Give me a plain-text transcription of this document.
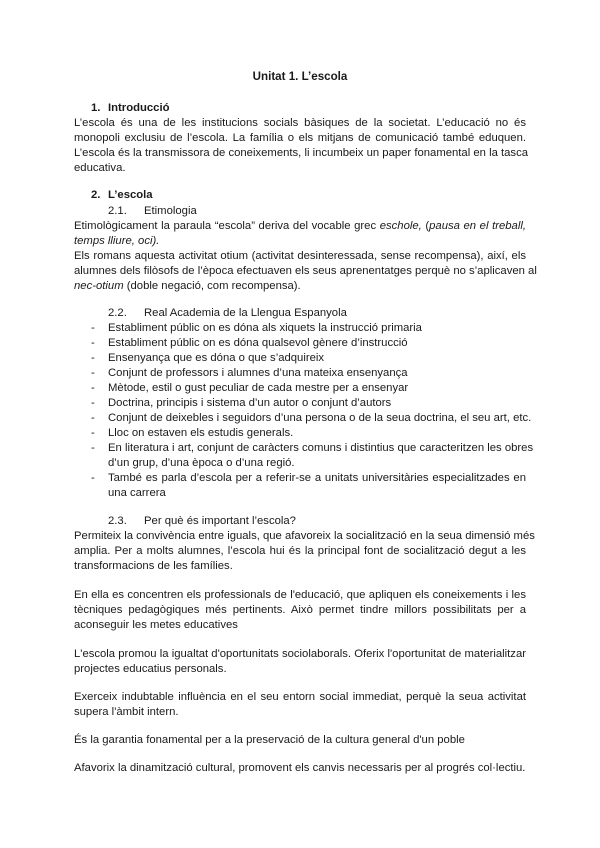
Unitat 1. L’escola
1. Introducció
L’escola és una de les institucions socials bàsiques de la societat. L’educació no és
monopoli exclusiu de l’escola. La família o els mitjans de comunicació també eduquen.
L’escola és la transmissora de coneixements, li incumbeix un paper fonamental en la tasca
educativa.
2. L’escola
2.1. Etimologia
Etimològicament la paraula “escola” deriva del vocable grec eschole, (pausa en el treball,
temps lliure, oci).
Els romans aquesta activitat otium (activitat desinteressada, sense recompensa), així, els
alumnes dels filòsofs de l’època efectuaven els seus aprenentatges perquè no s’aplicaven al
nec-otium (doble negació, com recompensa).
2.2. Real Academia de la Llengua Espanyola
- Establiment públic on es dóna als xiquets la instrucció primaria
- Establiment públic on es dóna qualsevol gènere d’instrucció
- Ensenyança que es dóna o que s’adquireix
- Conjunt de professors i alumnes d’una mateixa ensenyança
- Mètode, estil o gust peculiar de cada mestre per a ensenyar
- Doctrina, principis i sistema d’un autor o conjunt d’autors
- Conjunt de deixebles i seguidors d’una persona o de la seua doctrina, el seu art, etc.
- Lloc on estaven els estudis generals.
- En literatura i art, conjunt de caràcters comuns i distintius que caracteritzen les obres
d’un grup, d’una època o d’una regió.
- També es parla d’escola per a referir-se a unitats universitàries especialitzades en
una carrera
2.3. Per què és important l’escola?
Permiteix la convivència entre iguals, que afavoreix la socialització en la seua dimensió més
amplia. Per a molts alumnes, l’escola hui és la principal font de socialització degut a les
transformacions de les famílies.
En ella es concentren els professionals de l'educació, que apliquen els coneixements i les
tècniques pedagògiques més pertinents. Això permet tindre millors possibilitats per a
aconseguir les metes educatives
L'escola promou la igualtat d'oportunitats sociolaborals. Oferix l'oportunitat de materialitzar
projectes educatius personals.
Exerceix indubtable influència en el seu entorn social immediat, perquè la seua activitat
supera l'àmbit intern.
És la garantia fonamental per a la preservació de la cultura general d'un poble
Afavorix la dinamització cultural, promovent els canvis necessaris per al progrés col·lectiu.
